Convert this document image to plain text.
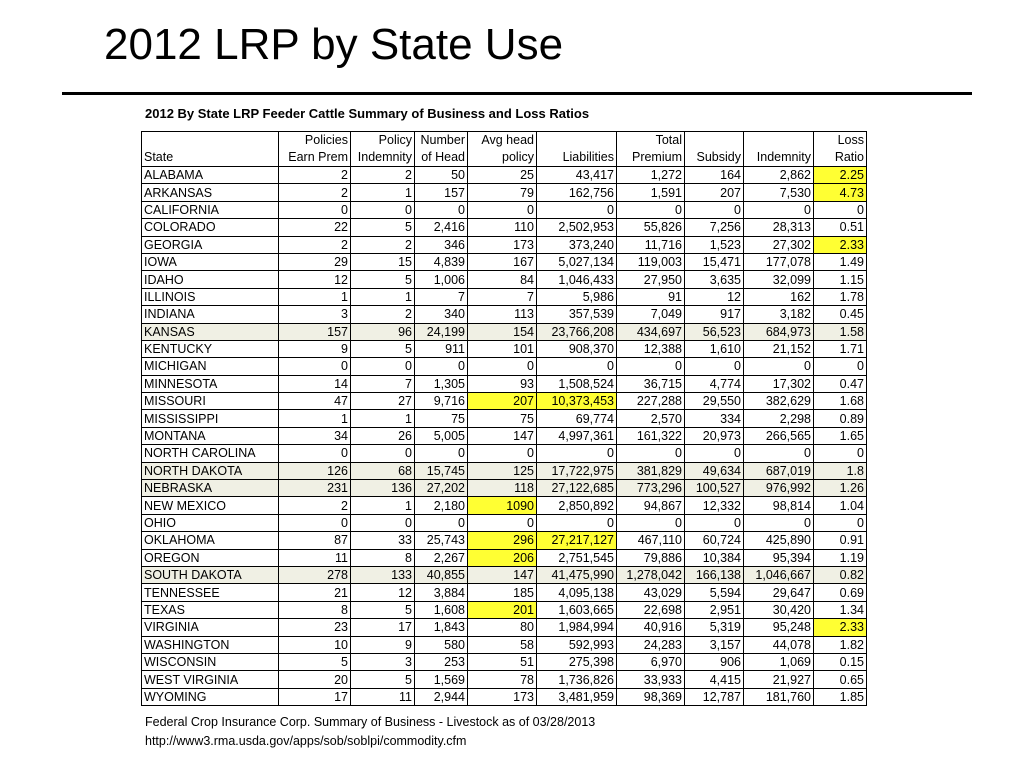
2012 LRP by State Use
2012 By State LRP Feeder Cattle Summary of Business and Loss Ratios
	Policies	Policy	Number	Avg head		Total			Loss
State	Earn Prem	Indemnity	of Head	policy	Liabilities	Premium	Subsidy	Indemnity	Ratio
ALABAMA	2	2	50	25	43,417	1,272	164	2,862	2.25
ARKANSAS	2	1	157	79	162,756	1,591	207	7,530	4.73
CALIFORNIA	0	0	0	0	0	0	0	0	0
COLORADO	22	5	2,416	110	2,502,953	55,826	7,256	28,313	0.51
GEORGIA	2	2	346	173	373,240	11,716	1,523	27,302	2.33
IOWA	29	15	4,839	167	5,027,134	119,003	15,471	177,078	1.49
IDAHO	12	5	1,006	84	1,046,433	27,950	3,635	32,099	1.15
ILLINOIS	1	1	7	7	5,986	91	12	162	1.78
INDIANA	3	2	340	113	357,539	7,049	917	3,182	0.45
KANSAS	157	96	24,199	154	23,766,208	434,697	56,523	684,973	1.58
KENTUCKY	9	5	911	101	908,370	12,388	1,610	21,152	1.71
MICHIGAN	0	0	0	0	0	0	0	0	0
MINNESOTA	14	7	1,305	93	1,508,524	36,715	4,774	17,302	0.47
MISSOURI	47	27	9,716	207	10,373,453	227,288	29,550	382,629	1.68
MISSISSIPPI	1	1	75	75	69,774	2,570	334	2,298	0.89
MONTANA	34	26	5,005	147	4,997,361	161,322	20,973	266,565	1.65
NORTH CAROLINA	0	0	0	0	0	0	0	0	0
NORTH DAKOTA	126	68	15,745	125	17,722,975	381,829	49,634	687,019	1.8
NEBRASKA	231	136	27,202	118	27,122,685	773,296	100,527	976,992	1.26
NEW MEXICO	2	1	2,180	1090	2,850,892	94,867	12,332	98,814	1.04
OHIO	0	0	0	0	0	0	0	0	0
OKLAHOMA	87	33	25,743	296	27,217,127	467,110	60,724	425,890	0.91
OREGON	11	8	2,267	206	2,751,545	79,886	10,384	95,394	1.19
SOUTH DAKOTA	278	133	40,855	147	41,475,990	1,278,042	166,138	1,046,667	0.82
TENNESSEE	21	12	3,884	185	4,095,138	43,029	5,594	29,647	0.69
TEXAS	8	5	1,608	201	1,603,665	22,698	2,951	30,420	1.34
VIRGINIA	23	17	1,843	80	1,984,994	40,916	5,319	95,248	2.33
WASHINGTON	10	9	580	58	592,993	24,283	3,157	44,078	1.82
WISCONSIN	5	3	253	51	275,398	6,970	906	1,069	0.15
WEST VIRGINIA	20	5	1,569	78	1,736,826	33,933	4,415	21,927	0.65
WYOMING	17	11	2,944	173	3,481,959	98,369	12,787	181,760	1.85
Federal Crop Insurance Corp. Summary of Business - Livestock as of 03/28/2013
http://www3.rma.usda.gov/apps/sob/soblpi/commodity.cfm
